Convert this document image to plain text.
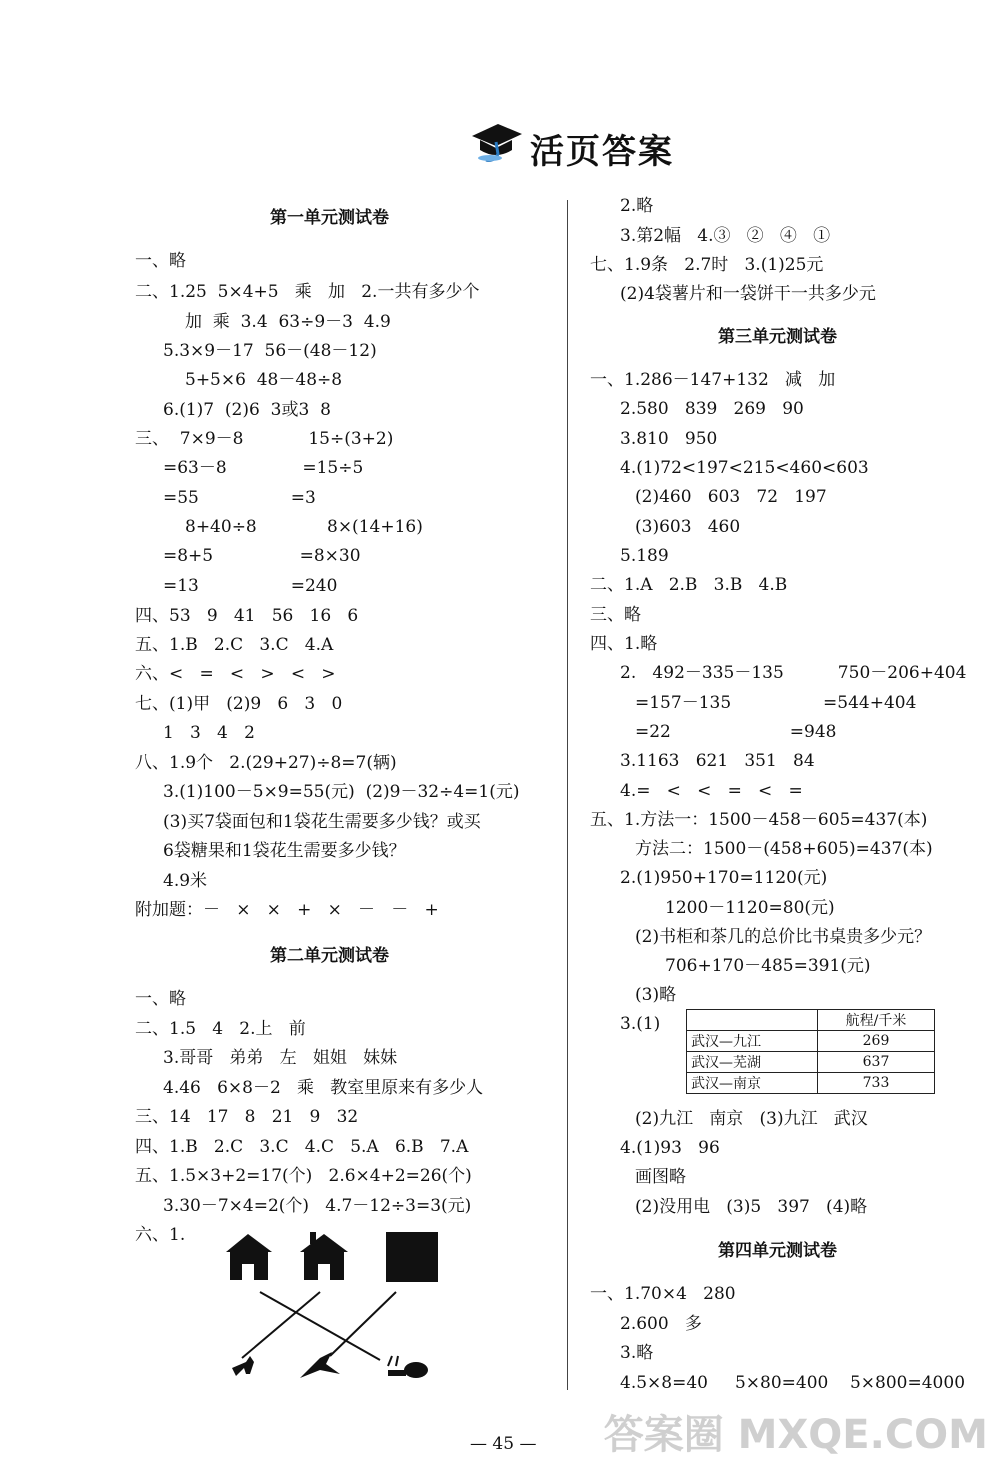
活页答案
第一单元测试卷
一、略
二、1.25  5×4+5   乘   加   2.一共有多少个
加  乘  3.4  63÷9－3  4.9
5.3×9－17  56－(48－12)
5+5×6  48－48÷8
6.(1)7  (2)6  3或3  8
三、  7×9－8            15÷(3+2)
=63－8              =15÷5
=55                 =3
8+40÷8             8×(14+16)
=8+5                =8×30
=13                 =240
四、53   9   41   56   16   6
五、1.B   2.C   3.C   4.A
六、<   =   <   >   <   >
七、(1)甲   (2)9   6   3   0
1   3   4   2
八、1.9个   2.(29+27)÷8=7(辆)
3.(1)100－5×9=55(元)  (2)9－32÷4=1(元)
(3)买7袋面包和1袋花生需要多少钱？或买
6袋糖果和1袋花生需要多少钱？
4.9米
附加题：－   ×   ×   +   ×   －   －   +
第二单元测试卷
一、略
二、1.5   4   2.上   前
3.哥哥   弟弟   左   姐姐   妹妹
4.46   6×8－2   乘   教室里原来有多少人
三、14   17   8   21   9   32
四、1.B   2.C   3.C   4.C   5.A   6.B   7.A
五、1.5×3+2=17(个)   2.6×4+2=26(个)
3.30－7×4=2(个)   4.7－12÷3=3(元)
六、1.
2.略
3.第2幅   4.③   ②   ④   ①
七、1.9条   2.7时   3.(1)25元
(2)4袋薯片和一袋饼干一共多少元
第三单元测试卷
一、1.286－147+132   减   加
2.580   839   269   90
3.810   950
4.(1)72<197<215<460<603
(2)460   603   72   197
(3)603   460
5.189
二、1.A   2.B   3.B   4.B
三、略
四、1.略
2.   492－335－135          750－206+404
=157－135                 =544+404
=22                      =948
3.1163   621   351   84
4.=   <   <   =   <   =
五、1.方法一：1500－458－605=437(本)
方法二：1500－(458+605)=437(本)
2.(1)950+170=1120(元)
1200－1120=80(元)
(2)书柜和茶几的总价比书桌贵多少元？
706+170－485=391(元)
(3)略
3.(1)
(2)九江   南京   (3)九江   武汉
4.(1)93   96
画图略
(2)没用电   (3)5   397   (4)略
第四单元测试卷
一、1.70×4   280
2.600   多
3.略
4.5×8=40     5×80=400    5×800=4000
	航程/千米
武汉—九江	269
武汉—芜湖	637
武汉—南京	733
— 45 — 答案圈 MXQE.COM
